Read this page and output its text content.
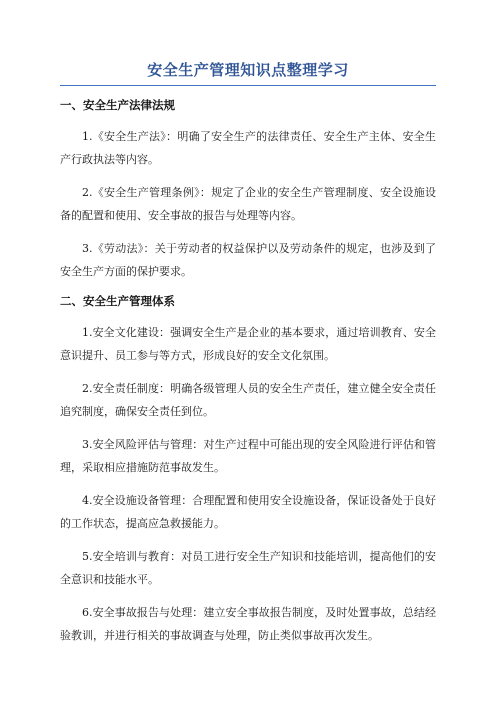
安全生产管理知识点整理学习
一、安全生产法律法规

1.《安全生产法》：明确了安全生产的法律责任、安全生产主体、安全生产行政执法等内容。

2.《安全生产管理条例》：规定了企业的安全生产管理制度、安全设施设备的配置和使用、安全事故的报告与处理等内容。

3.《劳动法》：关于劳动者的权益保护以及劳动条件的规定，也涉及到了安全生产方面的保护要求。

二、安全生产管理体系

1.安全文化建设：强调安全生产是企业的基本要求，通过培训教育、安全意识提升、员工参与等方式，形成良好的安全文化氛围。

2.安全责任制度：明确各级管理人员的安全生产责任，建立健全安全责任追究制度，确保安全责任到位。

3.安全风险评估与管理：对生产过程中可能出现的安全风险进行评估和管理，采取相应措施防范事故发生。

4.安全设施设备管理：合理配置和使用安全设施设备，保证设备处于良好的工作状态，提高应急救援能力。

5.安全培训与教育：对员工进行安全生产知识和技能培训，提高他们的安全意识和技能水平。

6.安全事故报告与处理：建立安全事故报告制度，及时处置事故，总结经验教训，并进行相关的事故调查与处理，防止类似事故再次发生。
